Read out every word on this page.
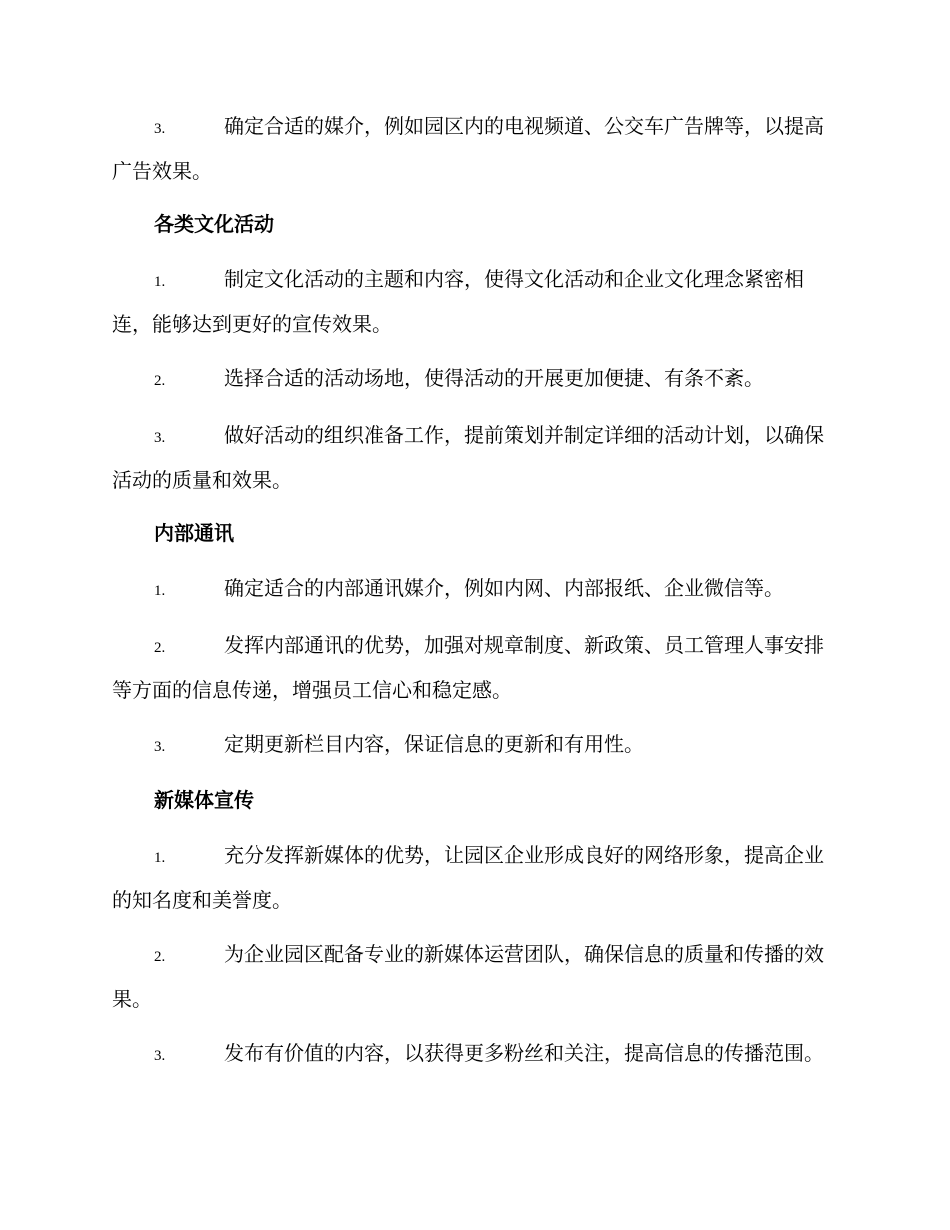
3.	确定合适的媒介，例如园区内的电视频道、公交车广告牌等，以提高广告效果。

各类文化活动

1.	制定文化活动的主题和内容，使得文化活动和企业文化理念紧密相连，能够达到更好的宣传效果。

2.	选择合适的活动场地，使得活动的开展更加便捷、有条不紊。

3.	做好活动的组织准备工作，提前策划并制定详细的活动计划，以确保活动的质量和效果。

内部通讯

1.	确定适合的内部通讯媒介，例如内网、内部报纸、企业微信等。

2.	发挥内部通讯的优势，加强对规章制度、新政策、员工管理人事安排等方面的信息传递，增强员工信心和稳定感。

3.	定期更新栏目内容，保证信息的更新和有用性。

新媒体宣传

1.	充分发挥新媒体的优势，让园区企业形成良好的网络形象，提高企业的知名度和美誉度。

2.	为企业园区配备专业的新媒体运营团队，确保信息的质量和传播的效果。

3.	发布有价值的内容，以获得更多粉丝和关注，提高信息的传播范围。
